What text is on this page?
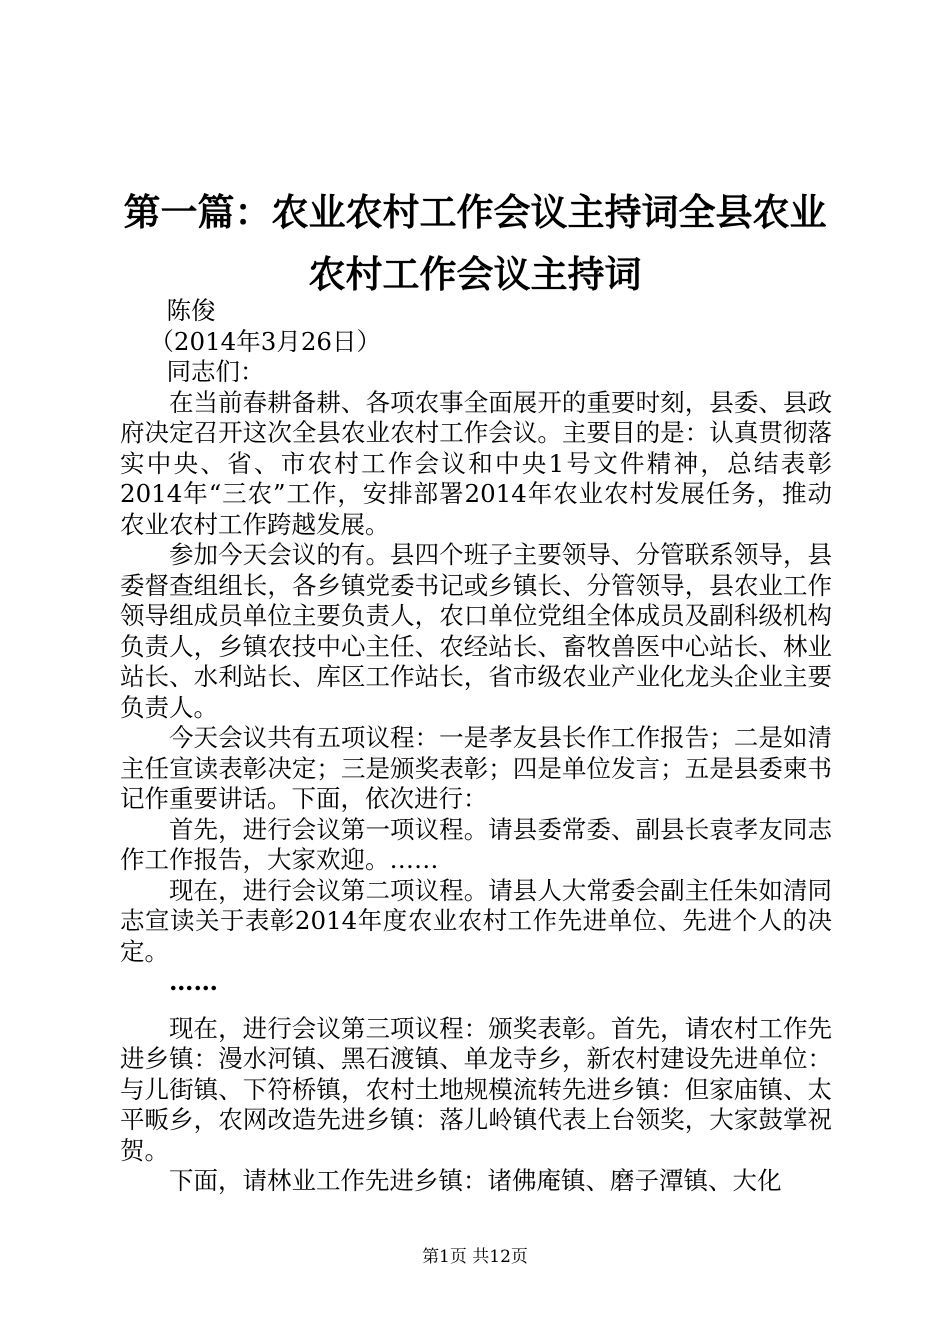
第一篇：农业农村工作会议主持词全县农业农村工作会议主持词

陈俊

（2014年3月26日）

同志们：

在当前春耕备耕、各项农事全面展开的重要时刻，县委、县政府决定召开这次全县农业农村工作会议。主要目的是：认真贯彻落实中央、省、市农村工作会议和中央1号文件精神，总结表彰2014年“三农”工作，安排部署2014年农业农村发展任务，推动农业农村工作跨越发展。

参加今天会议的有。县四个班子主要领导、分管联系领导，县委督查组组长，各乡镇党委书记或乡镇长、分管领导，县农业工作领导组成员单位主要负责人，农口单位党组全体成员及副科级机构负责人，乡镇农技中心主任、农经站长、畜牧兽医中心站长、林业站长、水利站长、库区工作站长，省市级农业产业化龙头企业主要负责人。

今天会议共有五项议程：一是孝友县长作工作报告；二是如清主任宣读表彰决定；三是颁奖表彰；四是单位发言；五是县委柬书记作重要讲话。下面，依次进行：

首先，进行会议第一项议程。请县委常委、副县长袁孝友同志作工作报告，大家欢迎。……

现在，进行会议第二项议程。请县人大常委会副主任朱如清同志宣读关于表彰2014年度农业农村工作先进单位、先进个人的决定。

……

现在，进行会议第三项议程：颁奖表彰。首先，请农村工作先进乡镇：漫水河镇、黑石渡镇、单龙寺乡，新农村建设先进单位：与儿街镇、下符桥镇，农村土地规模流转先进乡镇：但家庙镇、太平畈乡，农网改造先进乡镇：落儿岭镇代表上台领奖，大家鼓掌祝贺。

下面，请林业工作先进乡镇：诸佛庵镇、磨子潭镇、大化

第1页 共12页
